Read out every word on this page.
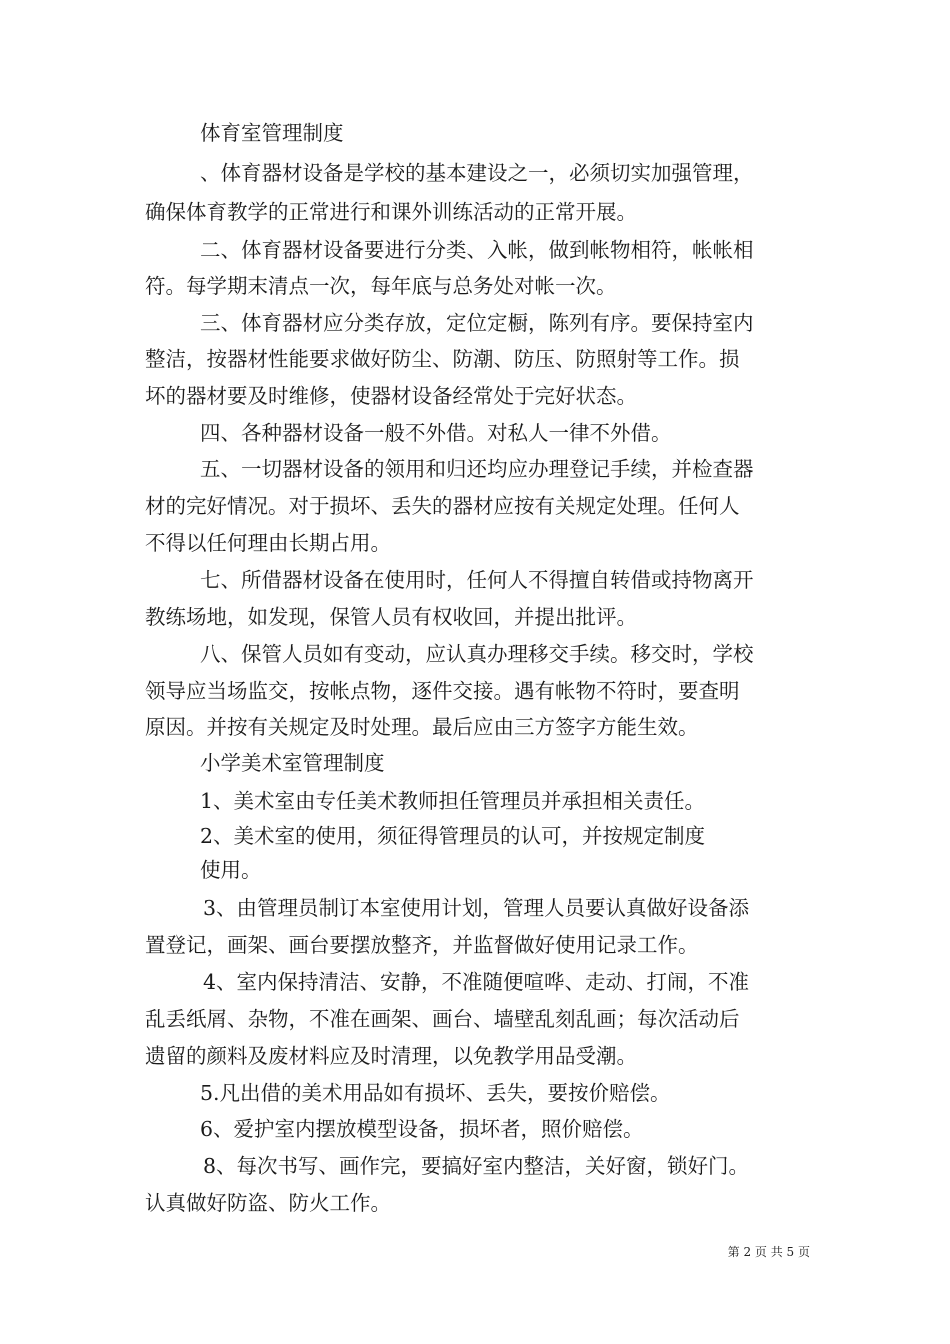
体育室管理制度
、体育器材设备是学校的基本建设之一，必须切实加强管理，
确保体育教学的正常进行和课外训练活动的正常开展。
二、体育器材设备要进行分类、入帐，做到帐物相符，帐帐相
符。每学期末清点一次，每年底与总务处对帐一次。
三、体育器材应分类存放，定位定橱，陈列有序。要保持室内
整洁，按器材性能要求做好防尘、防潮、防压、防照射等工作。损
坏的器材要及时维修，使器材设备经常处于完好状态。
四、各种器材设备一般不外借。对私人一律不外借。
五、一切器材设备的领用和归还均应办理登记手续，并检查器
材的完好情况。对于损坏、丢失的器材应按有关规定处理。任何人
不得以任何理由长期占用。
七、所借器材设备在使用时，任何人不得擅自转借或持物离开
教练场地，如发现，保管人员有权收回，并提出批评。
八、保管人员如有变动，应认真办理移交手续。移交时，学校
领导应当场监交，按帐点物，逐件交接。遇有帐物不符时，要查明
原因。并按有关规定及时处理。最后应由三方签字方能生效。
小学美术室管理制度
1、美术室由专任美术教师担任管理员并承担相关责任。
2、美术室的使用，须征得管理员的认可，并按规定制度
使用。
3、由管理员制订本室使用计划，管理人员要认真做好设备添
置登记，画架、画台要摆放整齐，并监督做好使用记录工作。
4、室内保持清洁、安静，不准随便喧哗、走动、打闹，不准
乱丢纸屑、杂物，不准在画架、画台、墙壁乱刻乱画；每次活动后
遗留的颜料及废材料应及时清理，以免教学用品受潮。
5.凡出借的美术用品如有损坏、丢失，要按价赔偿。
6、爱护室内摆放模型设备，损坏者，照价赔偿。
8、每次书写、画作完，要搞好室内整洁，关好窗，锁好门。
认真做好防盗、防火工作。
第 2 页 共 5 页
